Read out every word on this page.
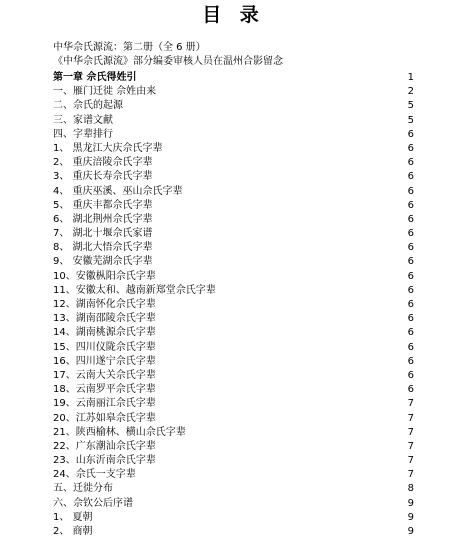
目 录
中华佘氏源流：第二册（全 6 册）
《中华佘氏源流》部分编委审核人员在温州合影留念
第一章 佘氏得姓引	1
一、雁门迁徙 佘姓由来	2
二、佘氏的起源	5
三、家谱文献	5
四、字辈排行	6
1、 黑龙江大庆佘氏字辈	6
2、 重庆涪陵佘氏字辈	6
3、 重庆长寿佘氏字辈	6
4、 重庆巫溪、巫山佘氏字辈	6
5、 重庆丰都佘氏字辈	6
6、 湖北荆州佘氏字辈	6
7、 湖北十堰佘氏家谱	6
8、 湖北大悟佘氏字辈	6
9、 安徽芜湖佘氏字辈	6
10、安徽枞阳佘氏字辈	6
11、安徽太和、越南新郑堂佘氏字辈	6
12、湖南怀化佘氏字辈	6
13、湖南邵陵佘氏字辈	6
14、湖南桃源佘氏字辈	6
15、四川仪陇佘氏字辈	6
16、四川遂宁佘氏字辈	6
17、云南大关佘氏字辈	6
18、云南罗平佘氏字辈	6
19、云南丽江佘氏字辈	7
20、江苏如皋佘氏字辈	7
21、陕西榆林、横山佘氏字辈	7
22、广东潮汕佘氏字辈	7
23、山东沂南佘氏字辈	7
24、佘氏一支字辈	7
五、迁徙分布	8
六、佘钦公后序谱	9
1、 夏朝	9
2、 商朝	9
